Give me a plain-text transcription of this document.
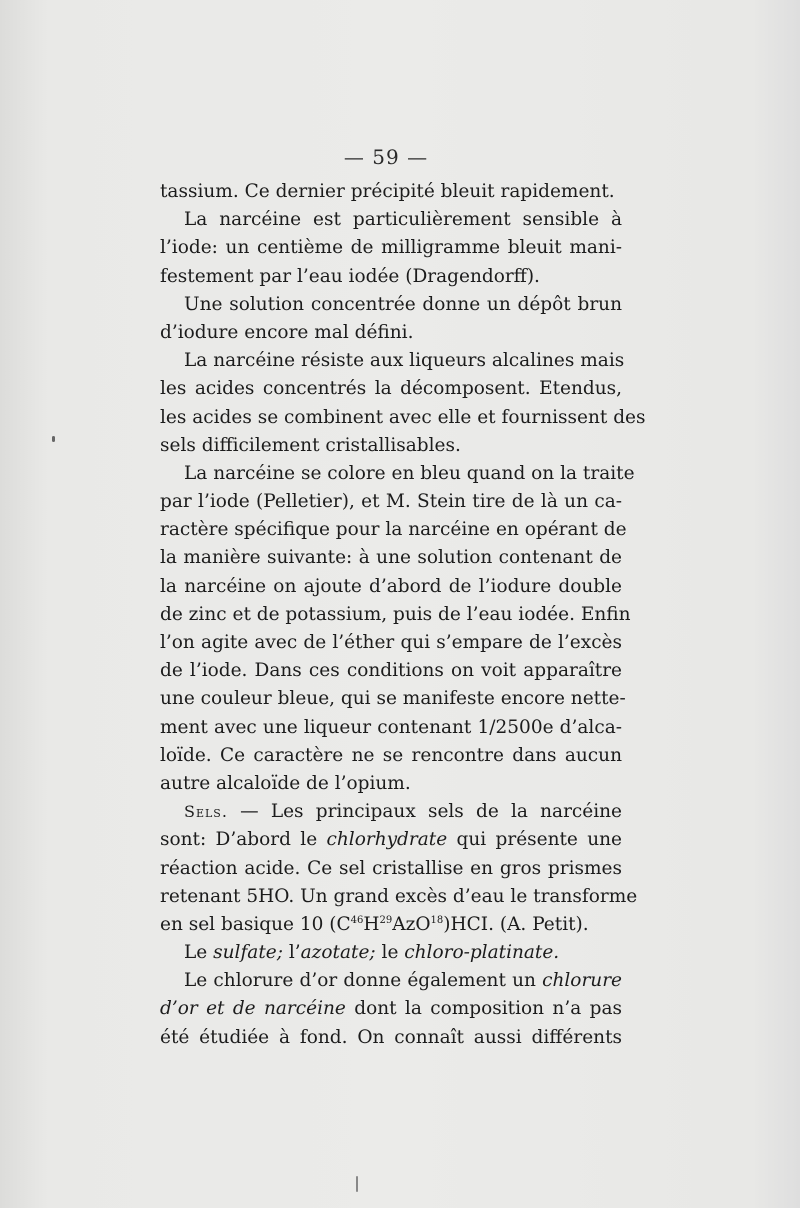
— 59 —
tassium. Ce dernier précipité bleuit rapidement.
La narcéine est particulièrement sensible à
l’iode: un centième de milligramme bleuit mani-
festement par l’eau iodée (Dragendorff).
Une solution concentrée donne un dépôt brun
d’iodure encore mal défini.
La narcéine résiste aux liqueurs alcalines mais
les acides concentrés la décomposent. Etendus,
les acides se combinent avec elle et fournissent des
sels difficilement cristallisables.
La narcéine se colore en bleu quand on la traite
par l’iode (Pelletier), et M. Stein tire de là un ca-
ractère spécifique pour la narcéine en opérant de
la manière suivante: à une solution contenant de
la narcéine on ajoute d’abord de l’iodure double
de zinc et de potassium, puis de l’eau iodée. Enfin
l’on agite avec de l’éther qui s’empare de l’excès
de l’iode. Dans ces conditions on voit apparaître
une couleur bleue, qui se manifeste encore nette-
ment avec une liqueur contenant 1/2500e d’alca-
loïde. Ce caractère ne se rencontre dans aucun
autre alcaloïde de l’opium.
Sels. — Les principaux sels de la narcéine
sont: D’abord le chlorhydrate qui présente une
réaction acide. Ce sel cristallise en gros prismes
retenant 5HO. Un grand excès d’eau le transforme
en sel basique 10 $(C^{46}H^{29}AzO^{18})HCI$. (A. Petit).
Le sulfate; l’azotate; le chloro-platinate.
Le chlorure d’or donne également un chlorure
d’or et de narcéine dont la composition n’a pas
été étudiée à fond. On connaît aussi différents
